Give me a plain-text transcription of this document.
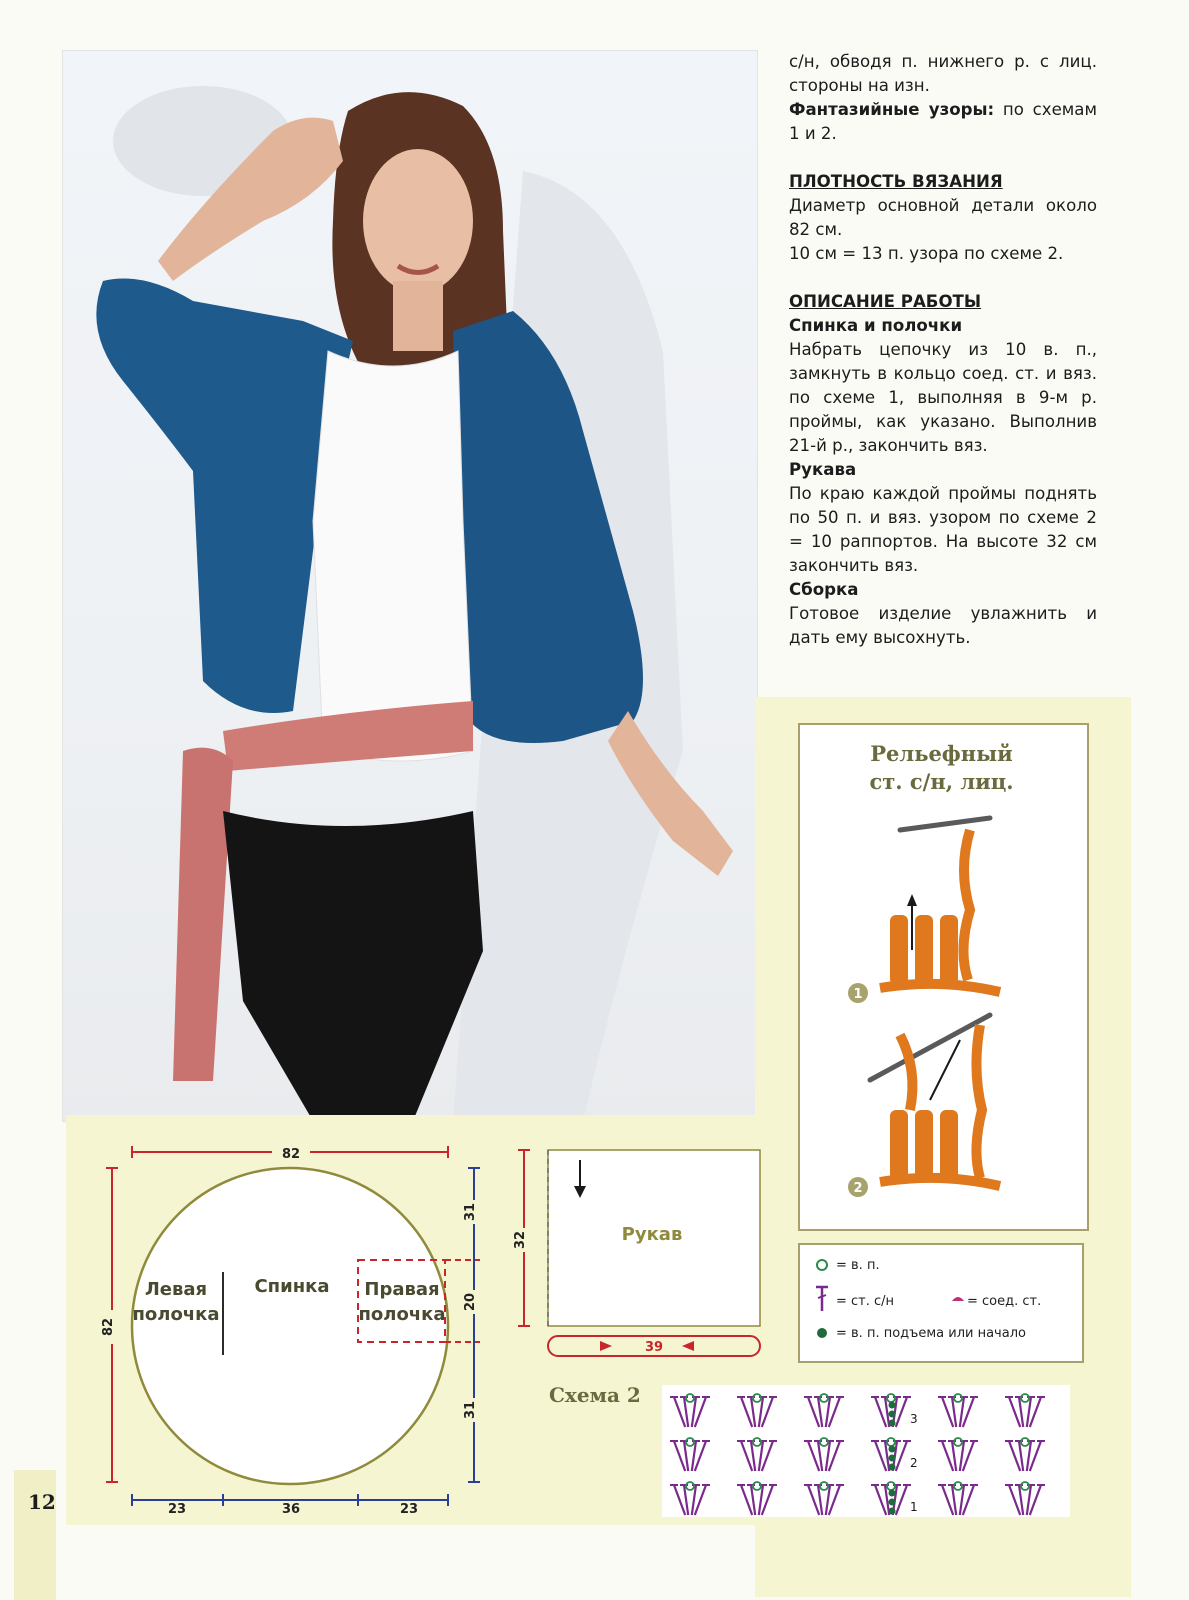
с/н, обводя п. нижнего р. с лиц. стороны на изн.

Фантазийные узоры: по схемам 1 и 2.

ПЛОТНОСТЬ ВЯЗАНИЯ

Диаметр основной детали около 82 см.

10 см = 13 п. узора по схеме 2.

ОПИСАНИЕ РАБОТЫ

Спинка и полочки

Набрать цепочку из 10 в. п., замкнуть в кольцо соед. ст. и вяз. по схеме 1, выполняя в 9-м р. проймы, как указано. Выполнив 21-й р., закончить вяз.

Рукава

По краю каждой проймы поднять по 50 п. и вяз. узором по схеме 2 = 10 раппортов. На высоте 32 см закончить вяз.

Сборка

Готовое изделие увлажнить и дать ему высохнуть.

Рельефный
ст. с/н, лиц.
1
2
= в. п.
= ст. с/н	= соед. ст.
= в. п. подъема или начало
82
82
Левая
полочка
Спинка Правая
полочка
31
20
31
23	36	23
32	Рукав
39
Схема 2
3
2
1
12
